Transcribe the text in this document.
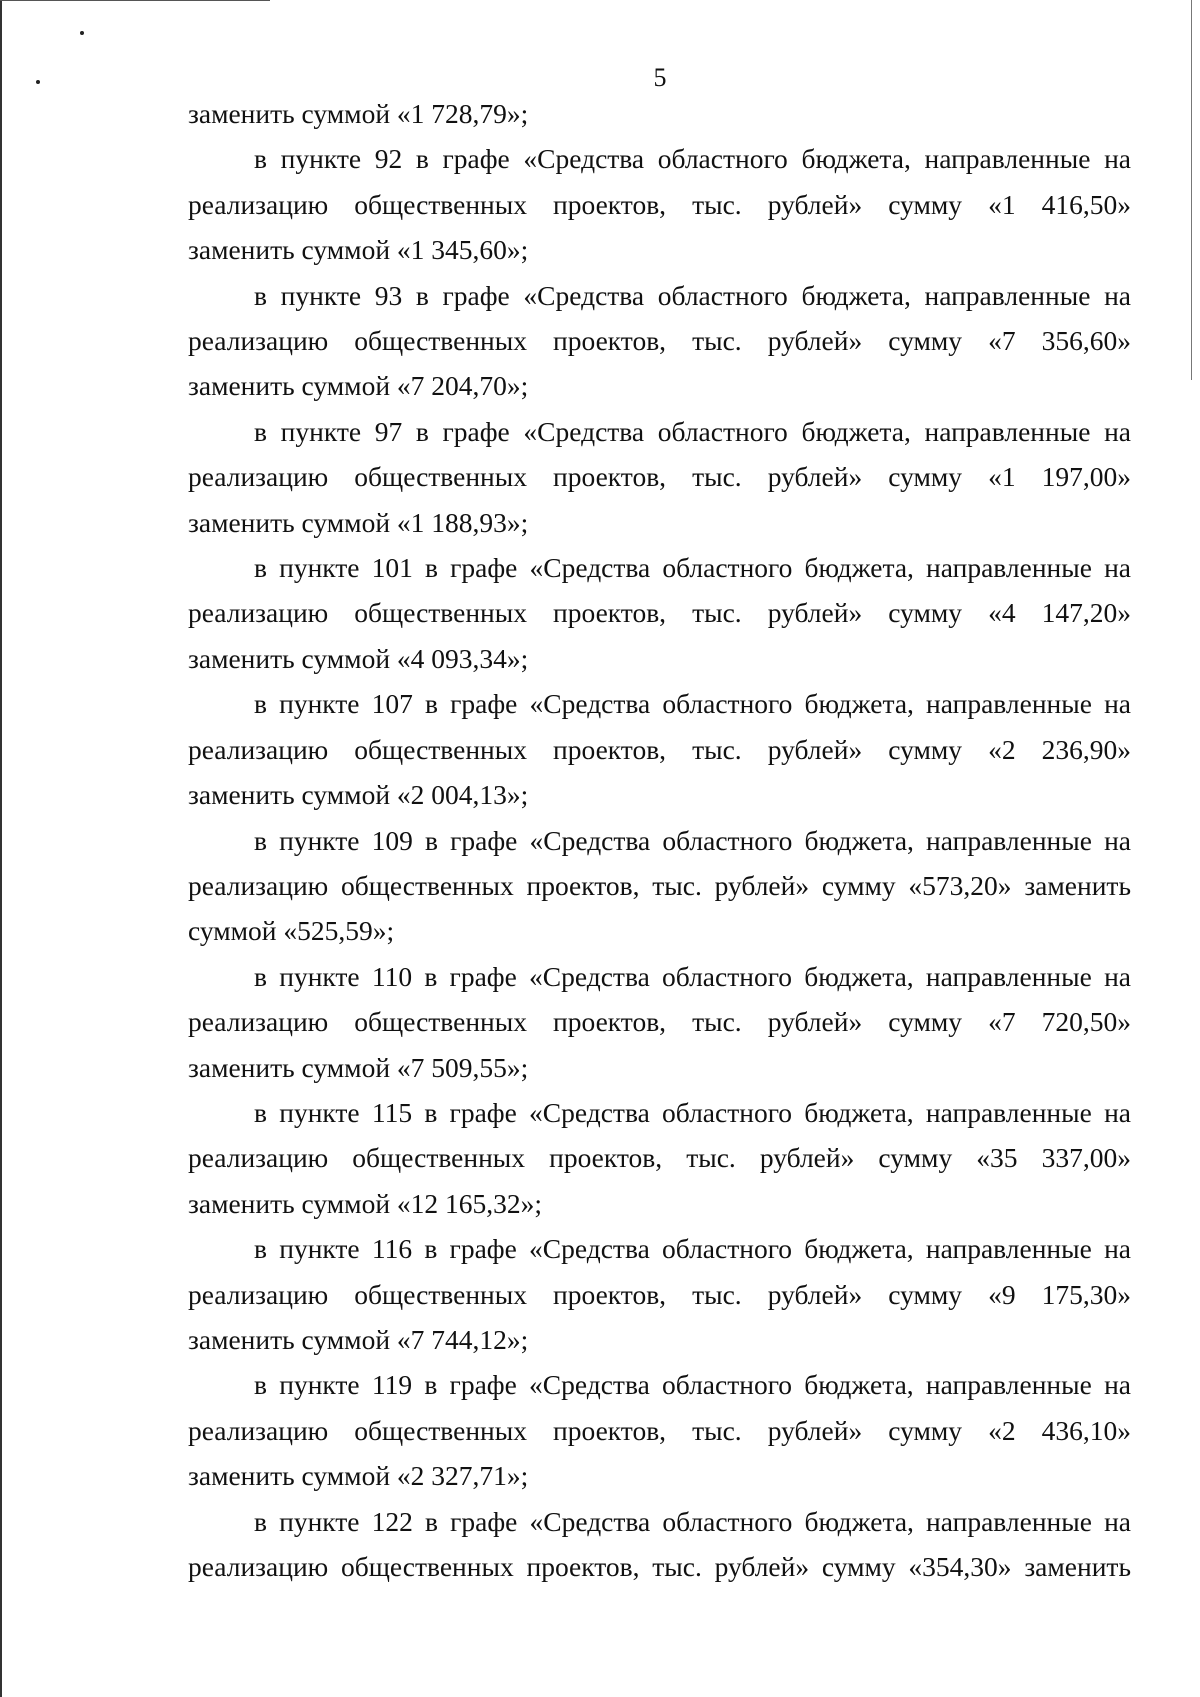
5
заменить суммой «1 728,79»;
в пункте 92 в графе «Средства областного бюджета, направленные на
реализацию общественных проектов, тыс. рублей» сумму «1 416,50»
заменить суммой «1 345,60»;
в пункте 93 в графе «Средства областного бюджета, направленные на
реализацию общественных проектов, тыс. рублей» сумму «7 356,60»
заменить суммой «7 204,70»;
в пункте 97 в графе «Средства областного бюджета, направленные на
реализацию общественных проектов, тыс. рублей» сумму «1 197,00»
заменить суммой «1 188,93»;
в пункте 101 в графе «Средства областного бюджета, направленные на
реализацию общественных проектов, тыс. рублей» сумму «4 147,20»
заменить суммой «4 093,34»;
в пункте 107 в графе «Средства областного бюджета, направленные на
реализацию общественных проектов, тыс. рублей» сумму «2 236,90»
заменить суммой «2 004,13»;
в пункте 109 в графе «Средства областного бюджета, направленные на
реализацию общественных проектов, тыс. рублей» сумму «573,20» заменить
суммой «525,59»;
в пункте 110 в графе «Средства областного бюджета, направленные на
реализацию общественных проектов, тыс. рублей» сумму «7 720,50»
заменить суммой «7 509,55»;
в пункте 115 в графе «Средства областного бюджета, направленные на
реализацию общественных проектов, тыс. рублей» сумму «35 337,00»
заменить суммой «12 165,32»;
в пункте 116 в графе «Средства областного бюджета, направленные на
реализацию общественных проектов, тыс. рублей» сумму «9 175,30»
заменить суммой «7 744,12»;
в пункте 119 в графе «Средства областного бюджета, направленные на
реализацию общественных проектов, тыс. рублей» сумму «2 436,10»
заменить суммой «2 327,71»;
в пункте 122 в графе «Средства областного бюджета, направленные на
реализацию общественных проектов, тыс. рублей» сумму «354,30» заменить
